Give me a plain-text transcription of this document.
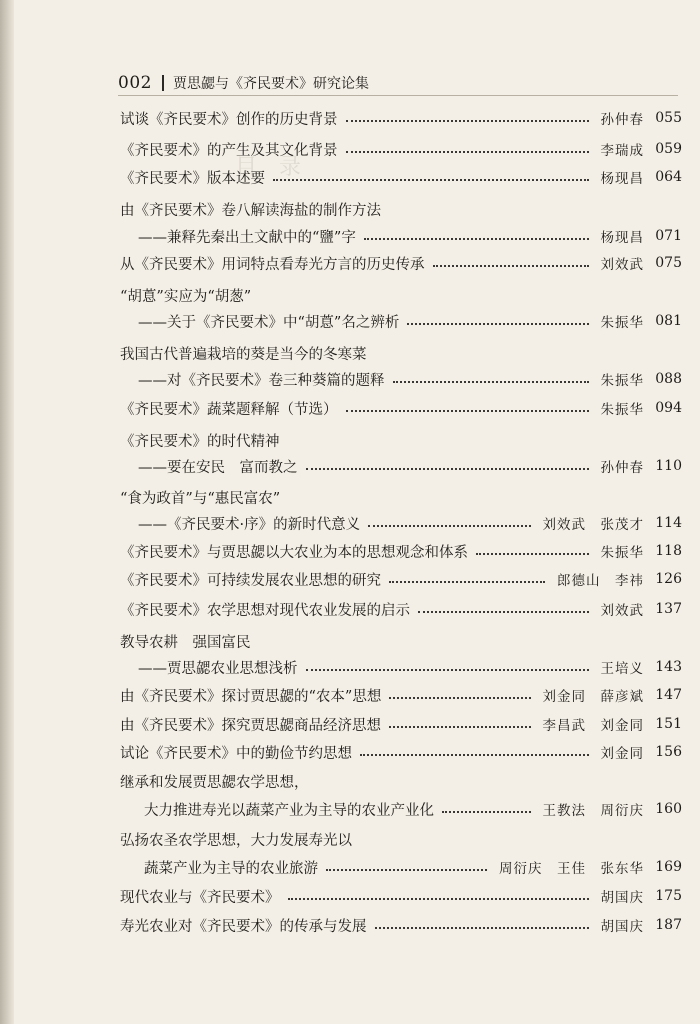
目　录
002 贾思勰与《齐民要术》研究论集
试谈《齐民要术》创作的历史背景	孙仲春 055
《齐民要术》的产生及其文化背景	李瑞成 059
《齐民要术》版本述要	杨现昌 064
由《齐民要术》卷八解读海盐的制作方法
——兼释先秦出土文献中的“鹽”字	杨现昌 071
从《齐民要术》用词特点看寿光方言的历史传承	刘效武 075
“胡蒠”实应为“胡葱”
——关于《齐民要术》中“胡蒠”名之辨析	朱振华 081
我国古代普遍栽培的葵是当今的冬寒菜
——对《齐民要术》卷三种葵篇的题释	朱振华 088
《齐民要术》蔬菜题释解（节选）	朱振华 094
《齐民要术》的时代精神
——要在安民　富而教之	孙仲春 110
“食为政首”与“惠民富农”
——《齐民要术·序》的新时代意义	刘效武　张茂才 114
《齐民要术》与贾思勰以大农业为本的思想观念和体系	朱振华 118
《齐民要术》可持续发展农业思想的研究	郎德山　李祎 126
《齐民要术》农学思想对现代农业发展的启示	刘效武 137
教导农耕　强国富民
——贾思勰农业思想浅析	王培义 143
由《齐民要术》探讨贾思勰的“农本”思想	刘金同　薛彦斌 147
由《齐民要术》探究贾思勰商品经济思想	李昌武　刘金同 151
试论《齐民要术》中的勤俭节约思想	刘金同 156
继承和发展贾思勰农学思想，
大力推进寿光以蔬菜产业为主导的农业产业化	王教法　周衍庆 160
弘扬农圣农学思想，大力发展寿光以
蔬菜产业为主导的农业旅游	周衍庆　王佳　张东华 169
现代农业与《齐民要术》	胡国庆 175
寿光农业对《齐民要术》的传承与发展	胡国庆 187
